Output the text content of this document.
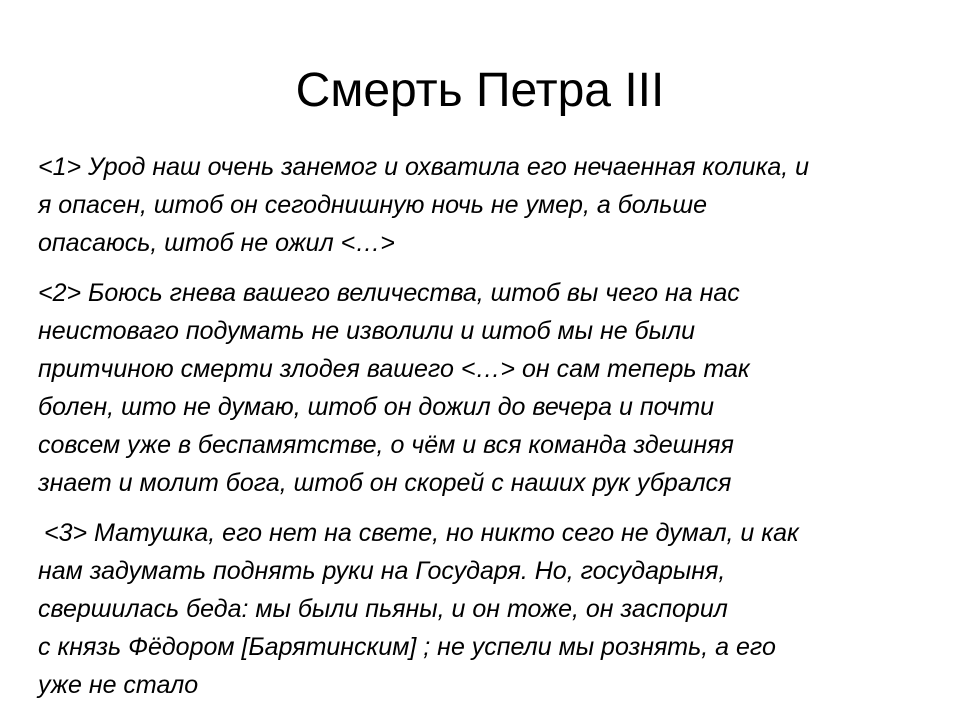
Смерть Петра III

<1> Урод наш очень занемог и охватила его нечаенная колика, и
я опасен, штоб он сегоднишную ночь не умер, а больше
опасаюсь, штоб не ожил <…>

<2> Боюсь гнева вашего величества, штоб вы чего на нас
неистоваго подумать не изволили и штоб мы не были
притчиною смерти злодея вашего <…> он сам теперь так
болен, што не думаю, штоб он дожил до вечера и почти
совсем уже в беспамятстве, о чём и вся команда здешняя
знает и молит бога, штоб он скорей с наших рук убрался

<3> Матушка, его нет на свете, но никто сего не думал, и как
нам задумать поднять руки на Государя. Но, государыня,
свершилась беда: мы были пьяны, и он тоже, он заспорил
с князь Фёдором [Барятинским] ; не успели мы рознять, а его
уже не стало
